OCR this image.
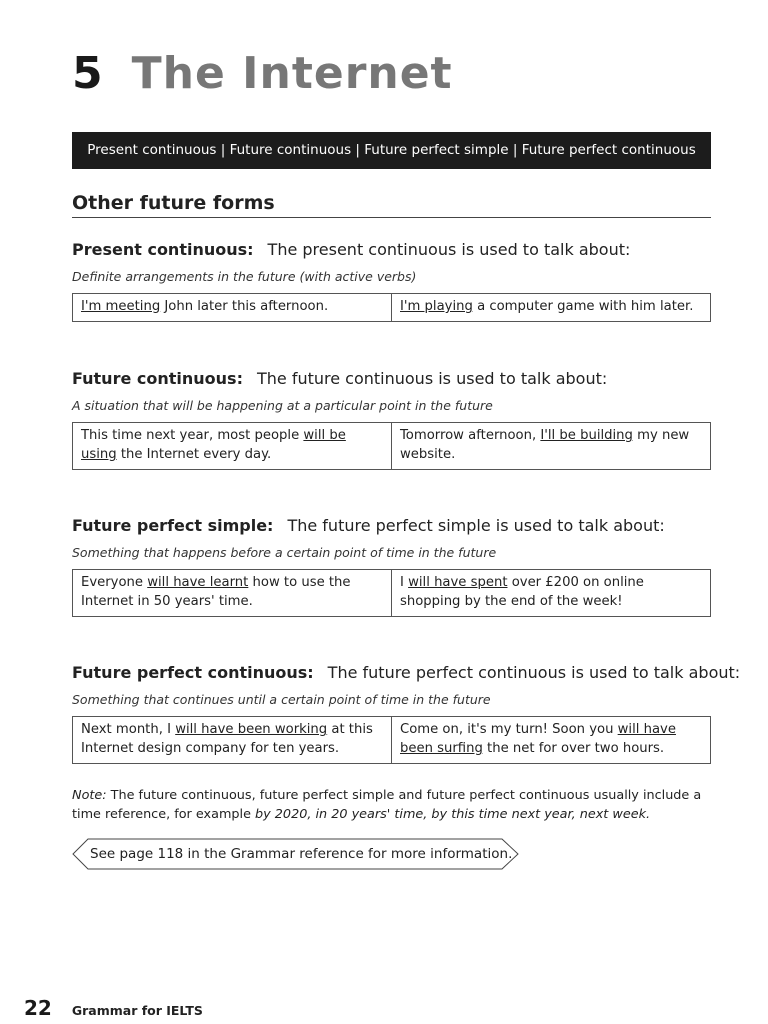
5 The Internet
Present continuous | Future continuous | Future perfect simple | Future perfect continuous
Other future forms
Present continuous: The present continuous is used to talk about:

Definite arrangements in the future (with active verbs)

I'm meeting John later this afternoon.	I'm playing a computer game with him later.
Future continuous: The future continuous is used to talk about:

A situation that will be happening at a particular point in the future

This time next year, most people will be using the Internet every day.
Tomorrow afternoon, I'll be building my new website.
Future perfect simple: The future perfect simple is used to talk about:

Something that happens before a certain point of time in the future

Everyone will have learnt how to use the Internet in 50 years' time.
I will have spent over £200 on online shopping by the end of the week!
Future perfect continuous: The future perfect continuous is used to talk about:

Something that continues until a certain point of time in the future

Next month, I will have been working at this Internet design company for ten years.
Come on, it's my turn! Soon you will have been surfing the net for over two hours.

Note: The future continuous, future perfect simple and future perfect continuous usually include a time reference, for example by 2020, in 20 years' time, by this time next year, next week.

See page 118 in the Grammar reference for more information.
22 Grammar for IELTS
